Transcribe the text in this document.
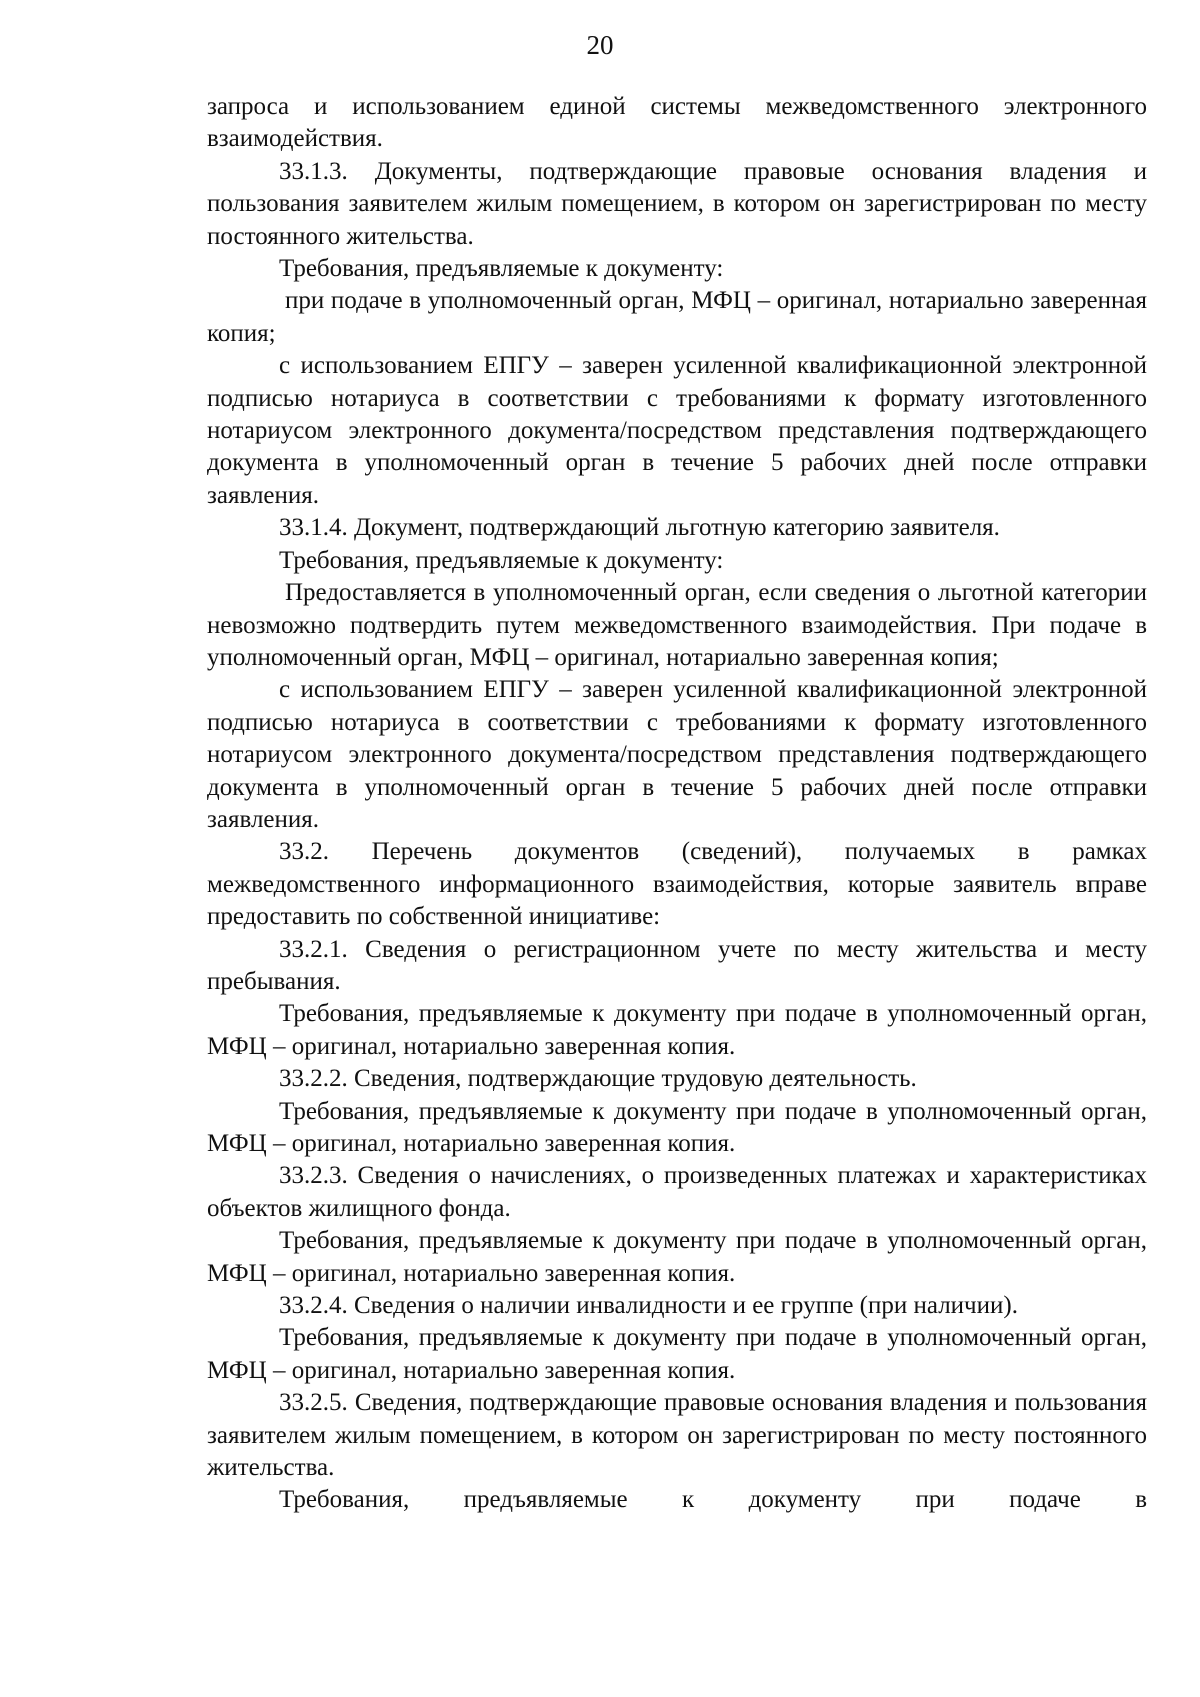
20

запроса и использованием единой системы межведомственного электронного взаимодействия.

33.1.3. Документы, подтверждающие правовые основания владения и пользования заявителем жилым помещением, в котором он зарегистрирован по месту постоянного жительства.

Требования, предъявляемые к документу:

при подаче в уполномоченный орган, МФЦ – оригинал, нотариально заверенная копия;

с использованием ЕПГУ – заверен усиленной квалификационной электронной подписью нотариуса в соответствии с требованиями к формату изготовленного нотариусом электронного документа/посредством представления подтверждающего документа в уполномоченный орган в течение 5 рабочих дней после отправки заявления.

33.1.4. Документ, подтверждающий льготную категорию заявителя.

Требования, предъявляемые к документу:

Предоставляется в уполномоченный орган, если сведения о льготной категории невозможно подтвердить путем межведомственного взаимодействия. При подаче в уполномоченный орган, МФЦ – оригинал, нотариально заверенная копия;

с использованием ЕПГУ – заверен усиленной квалификационной электронной подписью нотариуса в соответствии с требованиями к формату изготовленного нотариусом электронного документа/посредством представления подтверждающего документа в уполномоченный орган в течение 5 рабочих дней после отправки заявления.

33.2. Перечень документов (сведений), получаемых в рамках межведомственного информационного взаимодействия, которые заявитель вправе предоставить по собственной инициативе:

33.2.1. Сведения о регистрационном учете по месту жительства и месту пребывания.

Требования, предъявляемые к документу при подаче в уполномоченный орган, МФЦ – оригинал, нотариально заверенная копия.

33.2.2. Сведения, подтверждающие трудовую деятельность.

Требования, предъявляемые к документу при подаче в уполномоченный орган, МФЦ – оригинал, нотариально заверенная копия.

33.2.3. Сведения о начислениях, о произведенных платежах и характеристиках объектов жилищного фонда.

Требования, предъявляемые к документу при подаче в уполномоченный орган, МФЦ – оригинал, нотариально заверенная копия.

33.2.4. Сведения о наличии инвалидности и ее группе (при наличии).

Требования, предъявляемые к документу при подаче в уполномоченный орган, МФЦ – оригинал, нотариально заверенная копия.

33.2.5. Сведения, подтверждающие правовые основания владения и пользования заявителем жилым помещением, в котором он зарегистрирован по месту постоянного жительства.

Требования, предъявляемые к документу при подаче в
